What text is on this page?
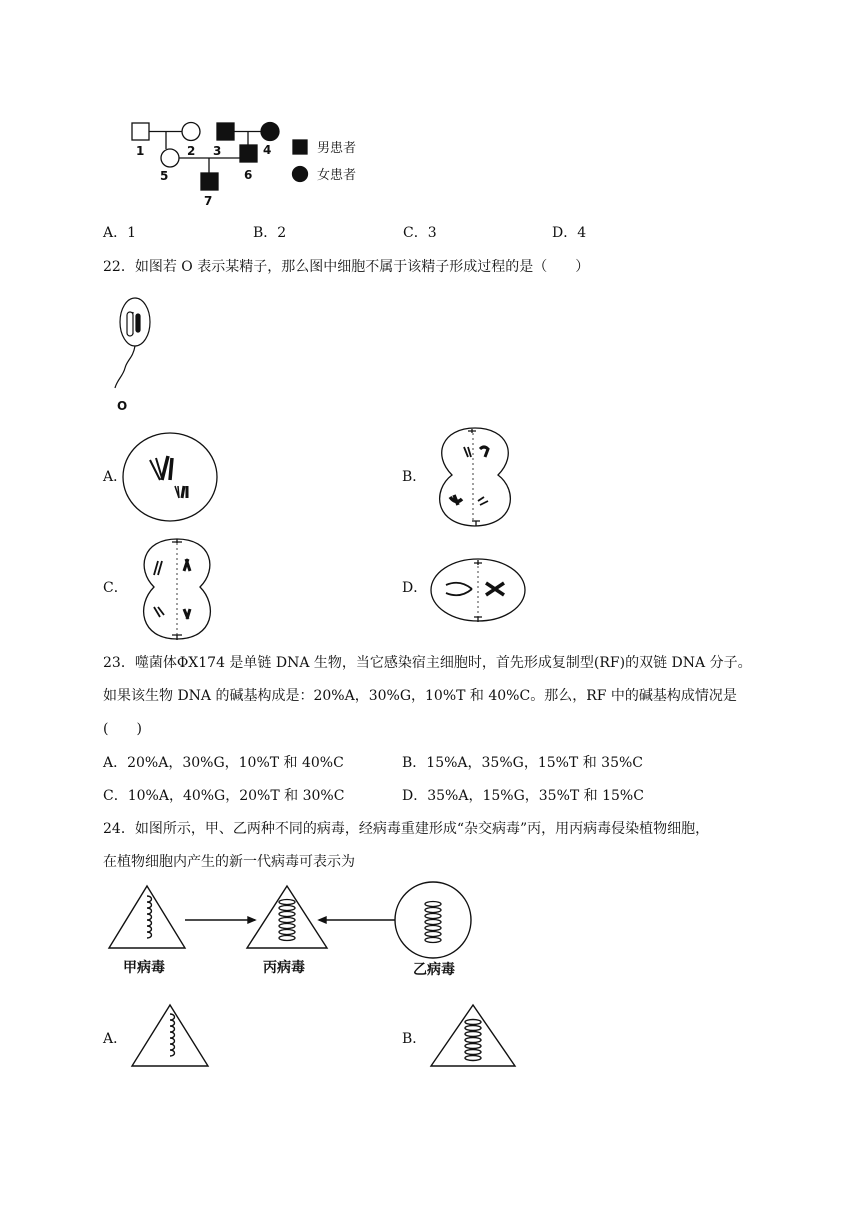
1	2 3	4
5	6
7
男患者
女患者
A．1	B．2	C．3	D．4
22．如图若 O 表示某精子，那么图中细胞不属于该精子形成过程的是（　　）
O
A．	B．
C．	D．
23．噬菌体ΦX174 是单链 DNA 生物，当它感染宿主细胞时，首先形成复制型(RF)的双链 DNA 分子。
如果该生物 DNA 的碱基构成是：20%A，30%G，10%T 和 40%C。那么，RF 中的碱基构成情况是
(　　)
A．20%A，30%G，10%T 和 40%C	B．15%A，35%G，15%T 和 35%C
C．10%A，40%G，20%T 和 30%C	D．35%A，15%G，35%T 和 15%C
24．如图所示，甲、乙两种不同的病毒，经病毒重建形成“杂交病毒”丙，用丙病毒侵染植物细胞，
在植物细胞内产生的新一代病毒可表示为
甲病毒	丙病毒	乙病毒
A．	B．
